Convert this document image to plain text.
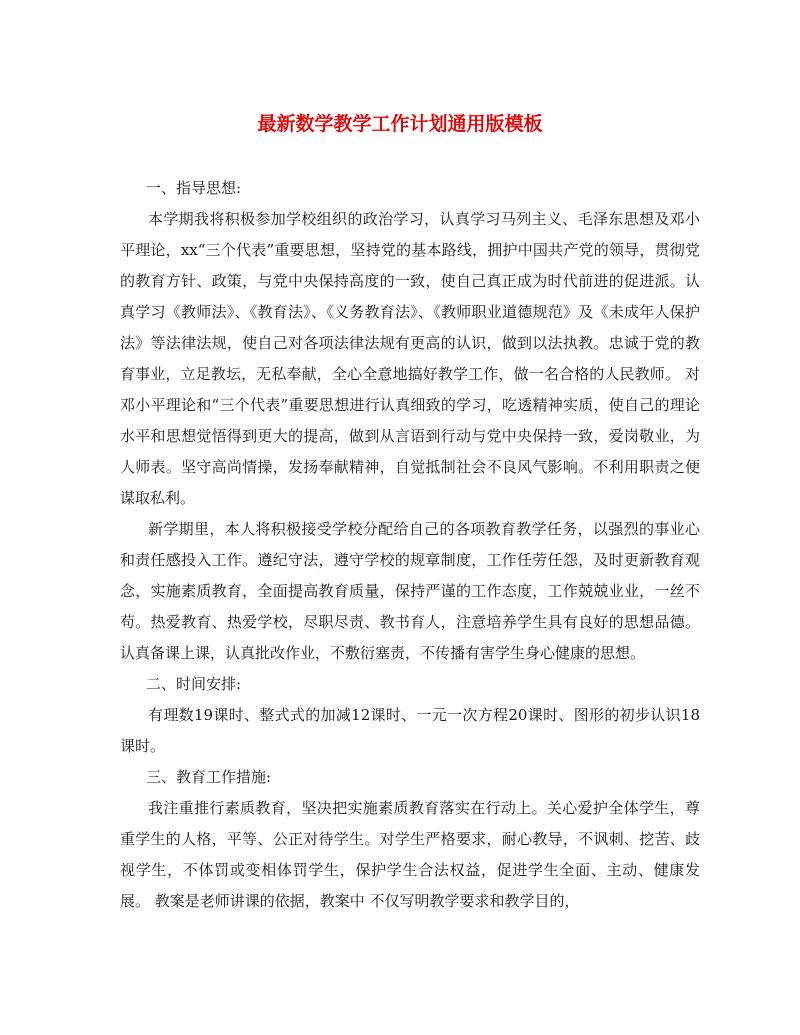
最新数学教学工作计划通用版模板

一、指导思想:

本学期我将积极参加学校组织的政治学习，认真学习马列主义、毛泽东思想及邓小平理论，xx“三个代表”重要思想，坚持党的基本路线，拥护中国共产党的领导，贯彻党的教育方针、政策，与党中央保持高度的一致，使自己真正成为时代前进的促进派。认真学习《教师法》、《教育法》、《义务教育法》、《教师职业道德规范》及《未成年人保护法》等法律法规，使自己对各项法律法规有更高的认识，做到以法执教。忠诚于党的教育事业，立足教坛，无私奉献，全心全意地搞好教学工作，做一名合格的人民教师。 对邓小平理论和“三个代表”重要思想进行认真细致的学习，吃透精神实质，使自己的理论水平和思想觉悟得到更大的提高，做到从言语到行动与党中央保持一致，爱岗敬业，为人师表。坚守高尚情操，发扬奉献精神，自觉抵制社会不良风气影响。不利用职责之便谋取私利。

新学期里，本人将积极接受学校分配给自己的各项教育教学任务，以强烈的事业心和责任感投入工作。遵纪守法，遵守学校的规章制度，工作任劳任怨，及时更新教育观念，实施素质教育，全面提高教育质量，保持严谨的工作态度，工作兢兢业业，一丝不苟。热爱教育、热爱学校，尽职尽责、教书育人，注意培养学生具有良好的思想品德。认真备课上课，认真批改作业，不敷衍塞责，不传播有害学生身心健康的思想。

二、时间安排:

有理数19课时、整式式的加减12课时、一元一次方程20课时、图形的初步认识18课时。

三、教育工作措施:

我注重推行素质教育，坚决把实施素质教育落实在行动上。关心爱护全体学生，尊重学生的人格，平等、公正对待学生。对学生严格要求，耐心教导，不讽刺、挖苦、歧视学生，不体罚或变相体罚学生，保护学生合法权益，促进学生全面、主动、健康发展。 教案是老师讲课的依据，教案中 不仅写明教学要求和教学目的，
